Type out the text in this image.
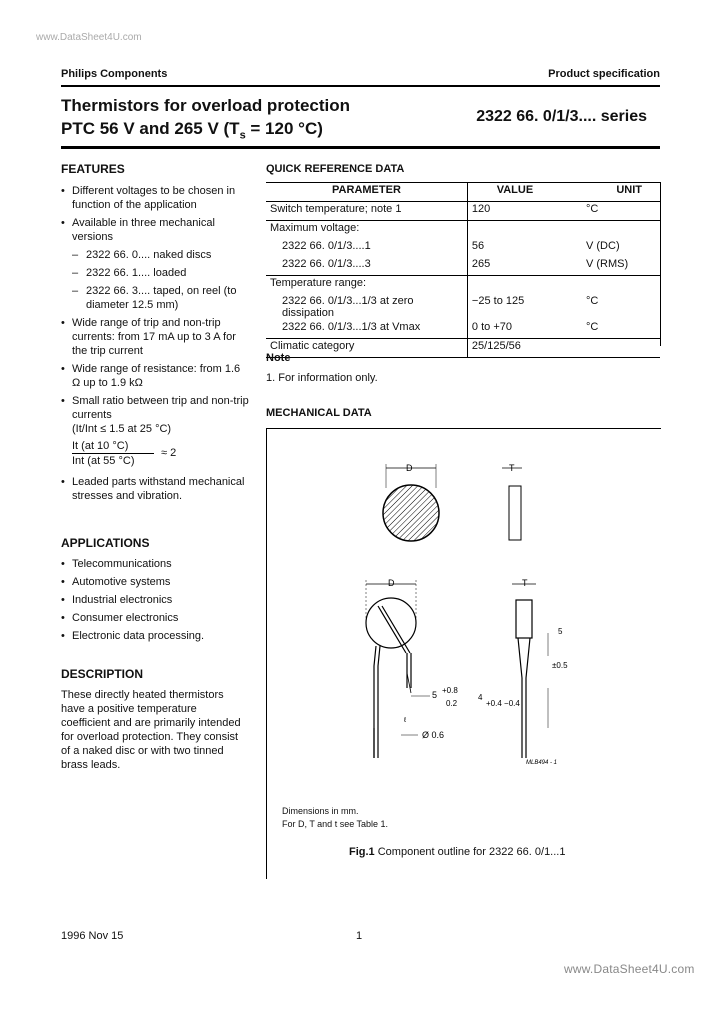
www.DataSheet4U.com
Philips Components	Product specification
Thermistors for overload protection
PTC 56 V and 265 V ($T_s = 120$ °C)
2322 66. 0/1/3.... series
FEATURES
• Different voltages to be chosen in function of the application
• Available in three mechanical versions
– 2322 66. 0.... naked discs
– 2322 66. 1.... loaded
– 2322 66. 3.... taped, on reel (to diameter 12.5 mm)
• Wide range of trip and non-trip currents: from 17 mA up to 3 A for the trip current
• Wide range of resistance: from 1.6 Ω up to 1.9 kΩ
• Small ratio between trip and non-trip currents
(It/Int ≤ 1.5 at 25 °C)
It (at 10 °C)
Int (at 55 °C)
≈ 2
• Leaded parts withstand mechanical stresses and vibration.
APPLICATIONS
• Telecommunications
• Automotive systems
• Industrial electronics
• Consumer electronics
• Electronic data processing.
DESCRIPTION
These directly heated thermistors have a positive temperature coefficient and are primarily intended for overload protection. They consist of a naked disc or with two tinned brass leads.
QUICK REFERENCE DATA
PARAMETER	VALUE	UNIT
Switch temperature; note 1	120	°C
Maximum voltage:		
2322 66. 0/1/3....1	56	V (DC)
2322 66. 0/1/3....3	265	V (RMS)
Temperature range:		
2322 66. 0/1/3...1/3 at zero dissipation	−25 to 125	°C
2322 66. 0/1/3...1/3 at Vmax	0 to +70	°C
Climatic category	25/125/56	
Note
1. For information only.
MECHANICAL DATA
D	T
D
5 +0.8
0.2
Ø 0.6
ℓ
T
5
±0.5
4
+0.4 −0.4
MLB494 - 1
Dimensions in mm.
For D, T and t see Table 1.
Fig.1 Component outline for 2322 66. 0/1...1
1996 Nov 15	1
www.DataSheet4U.com
